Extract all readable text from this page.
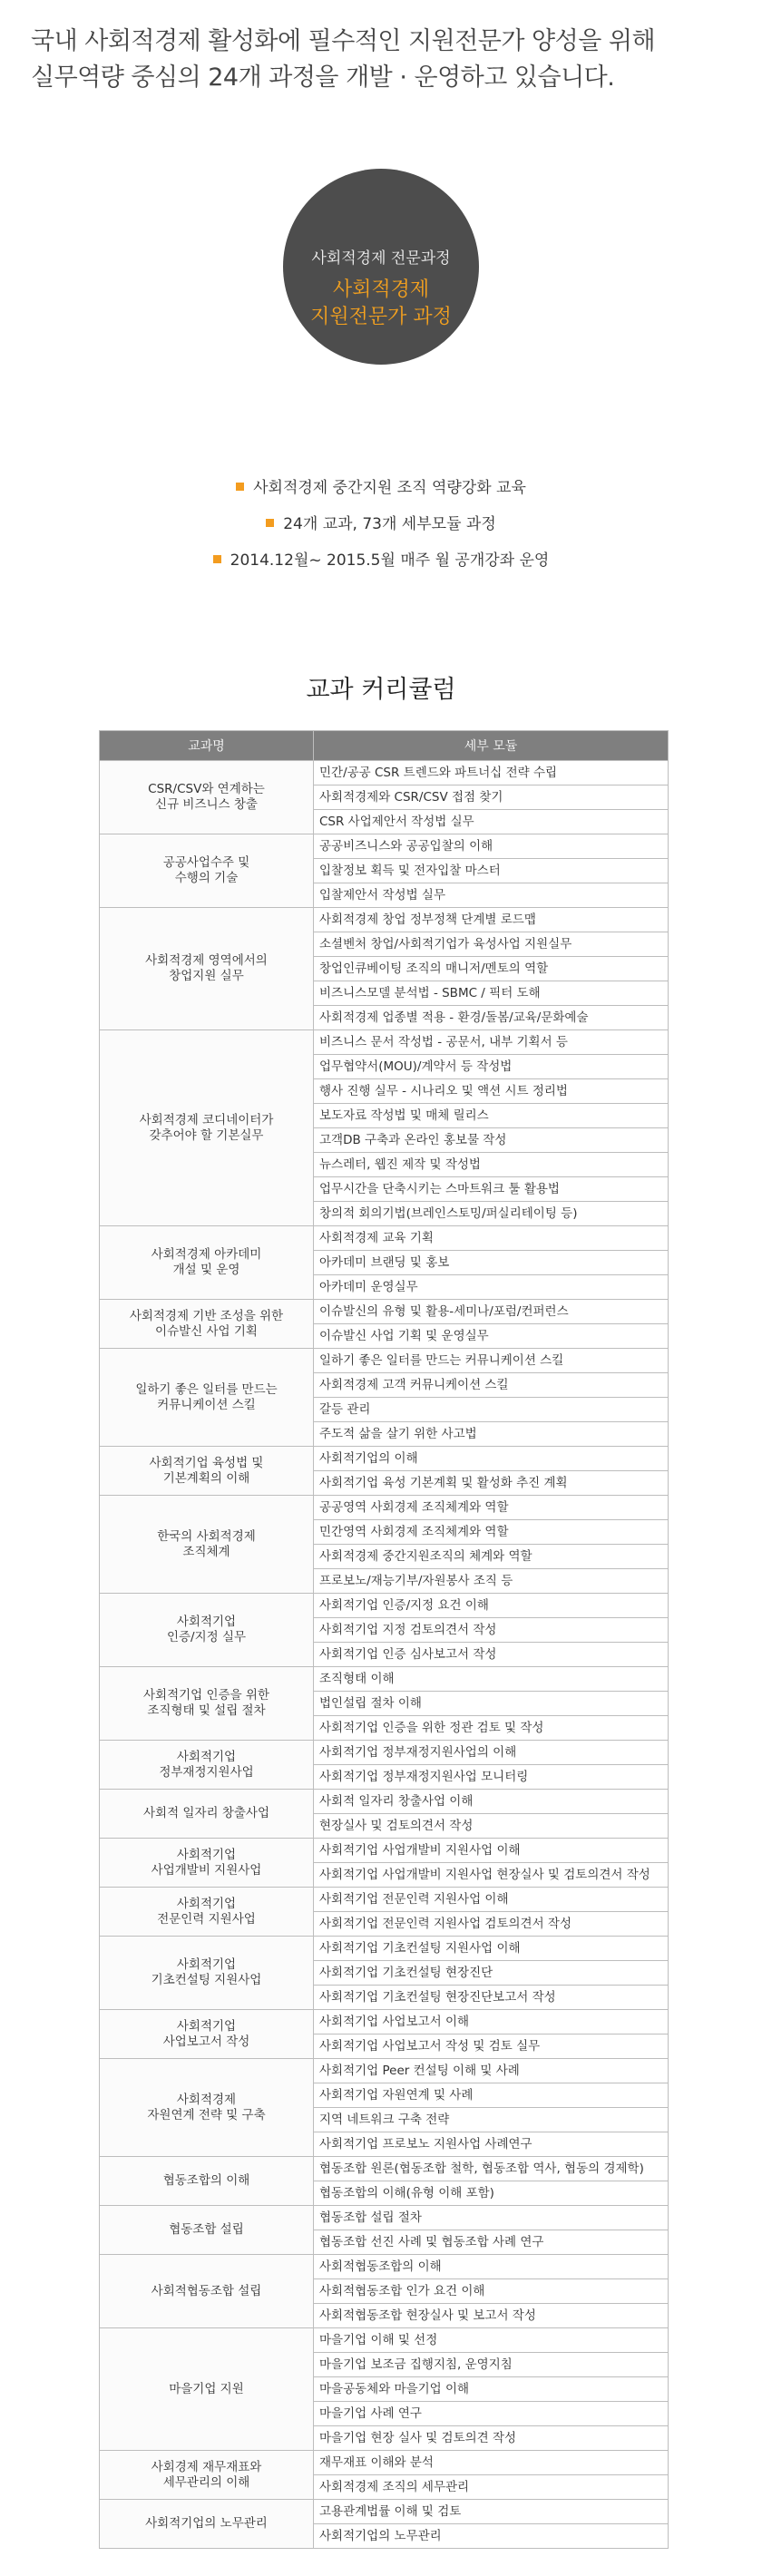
국내 사회적경제 활성화에 필수적인 지원전문가 양성을 위해
실무역량 중심의 24개 과정을 개발 · 운영하고 있습니다.
사회적경제 전문과정
사회적경제
지원전문가 과정
사회적경제 중간지원 조직 역량강화 교육
24개 교과, 73개 세부모듈 과정
2014.12월~ 2015.5월 매주 월 공개강좌 운영
교과 커리큘럼
교과명	세부 모듈

CSR/CSV와 연계하는
신규 비즈니스 창출	민간/공공 CSR 트렌드와 파트너십 전략 수립
	사회적경제와 CSR/CSV 접점 찾기
	CSR 사업제안서 작성법 실무

공공사업수주 및
수행의 기술	공공비즈니스와 공공입찰의 이해
	입찰정보 획득 및 전자입찰 마스터
	입찰제안서 작성법 실무

사회적경제 영역에서의
창업지원 실무	사회적경제 창업 정부정책 단계별 로드맵
	소셜벤처 창업/사회적기업가 육성사업 지원실무
	창업인큐베이팅 조직의 매니저/멘토의 역할
	비즈니스모델 분석법 - SBMC / 픽터 도해
	사회적경제 업종별 적용 - 환경/돌봄/교육/문화예술

사회적경제 코디네이터가
갖추어야 할 기본실무	비즈니스 문서 작성법 - 공문서, 내부 기획서 등
	업무협약서(MOU)/계약서 등 작성법
	행사 진행 실무 - 시나리오 및 액션 시트 정리법
	보도자료 작성법 및 매체 릴리스
	고객DB 구축과 온라인 홍보물 작성
	뉴스레터, 웹진 제작 및 작성법
	업무시간을 단축시키는 스마트워크 툴 활용법
	창의적 회의기법(브레인스토밍/퍼실리테이팅 등)

사회적경제 아카데미
개설 및 운영	사회적경제 교육 기획
	아카데미 브랜딩 및 홍보
	아카데미 운영실무

사회적경제 기반 조성을 위한
이슈발신 사업 기획	이슈발신의 유형 및 활용-세미나/포럼/컨퍼런스
	이슈발신 사업 기획 및 운영실무

일하기 좋은 일터를 만드는
커뮤니케이션 스킬	일하기 좋은 일터를 만드는 커뮤니케이션 스킬
	사회적경제 고객 커뮤니케이션 스킬
	갈등 관리
	주도적 삶을 살기 위한 사고법

사회적기업 육성법 및
기본계획의 이해	사회적기업의 이해
	사회적기업 육성 기본계획 및 활성화 추진 계획

한국의 사회적경제
조직체계	공공영역 사회경제 조직체계와 역할
	민간영역 사회경제 조직체계와 역할
	사회적경제 중간지원조직의 체계와 역할
	프로보노/재능기부/자원봉사 조직 등

사회적기업
인증/지정 실무	사회적기업 인증/지정 요건 이해
	사회적기업 지정 검토의견서 작성
	사회적기업 인증 심사보고서 작성

사회적기업 인증을 위한
조직형태 및 설립 절차	조직형태 이해
	법인설립 절차 이해
	사회적기업 인증을 위한 정관 검토 및 작성

사회적기업
정부재정지원사업	사회적기업 정부재정지원사업의 이해
	사회적기업 정부재정지원사업 모니터링

사회적 일자리 창출사업	사회적 일자리 창출사업 이해
	현장실사 및 검토의견서 작성

사회적기업
사업개발비 지원사업	사회적기업 사업개발비 지원사업 이해
	사회적기업 사업개발비 지원사업 현장실사 및 검토의견서 작성

사회적기업
전문인력 지원사업	사회적기업 전문인력 지원사업 이해
	사회적기업 전문인력 지원사업 검토의견서 작성

사회적기업
기초컨설팅 지원사업	사회적기업 기초컨설팅 지원사업 이해
	사회적기업 기초컨설팅 현장진단
	사회적기업 기초컨설팅 현장진단보고서 작성

사회적기업
사업보고서 작성	사회적기업 사업보고서 이해
	사회적기업 사업보고서 작성 및 검토 실무

사회적경제
자원연계 전략 및 구축	사회적기업 Peer 컨설팅 이해 및 사례
	사회적기업 자원연계 및 사례
	지역 네트워크 구축 전략
	사회적기업 프로보노 지원사업 사례연구

협동조합의 이해	협동조합 원론(협동조합 철학, 협동조합 역사, 협동의 경제학)
	협동조합의 이해(유형 이해 포함)

협동조합 설립	협동조합 설립 절차
	협동조합 선진 사례 및 협동조합 사례 연구

사회적협동조합 설립	사회적협동조합의 이해
	사회적협동조합 인가 요건 이해
	사회적협동조합 현장실사 및 보고서 작성

마을기업 지원	마을기업 이해 및 선정
	마을기업 보조금 집행지침, 운영지침
	마을공동체와 마을기업 이해
	마을기업 사례 연구
	마을기업 현장 실사 및 검토의견 작성

사회경제 재무재표와
세무관리의 이해	재무재표 이해와 분석
	사회적경제 조직의 세무관리

사회적기업의 노무관리	고용관계법률 이해 및 검토
	사회적기업의 노무관리
